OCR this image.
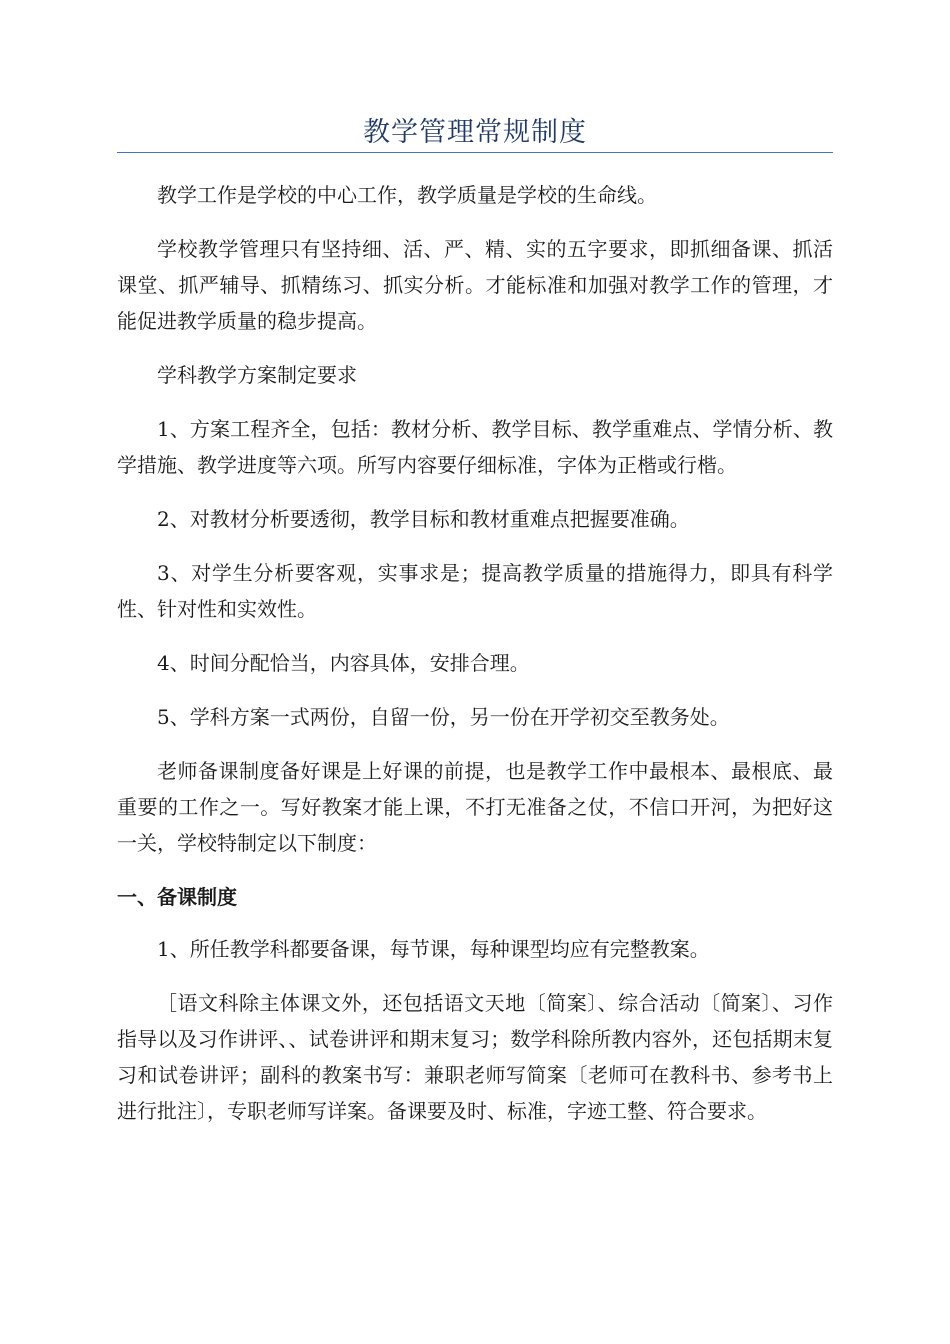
教学管理常规制度

教学工作是学校的中心工作，教学质量是学校的生命线。

学校教学管理只有坚持细、活、严、精、实的五字要求，即抓细备课、抓活课堂、抓严辅导、抓精练习、抓实分析。才能标准和加强对教学工作的管理，才能促进教学质量的稳步提高。

学科教学方案制定要求

1、方案工程齐全，包括：教材分析、教学目标、教学重难点、学情分析、教学措施、教学进度等六项。所写内容要仔细标准，字体为正楷或行楷。

2、对教材分析要透彻，教学目标和教材重难点把握要准确。

3、对学生分析要客观，实事求是；提高教学质量的措施得力，即具有科学性、针对性和实效性。

4、时间分配恰当，内容具体，安排合理。

5、学科方案一式两份，自留一份，另一份在开学初交至教务处。

老师备课制度备好课是上好课的前提，也是教学工作中最根本、最根底、最重要的工作之一。写好教案才能上课，不打无准备之仗，不信口开河，为把好这一关，学校特制定以下制度：

一、备课制度

1、所任教学科都要备课，每节课，每种课型均应有完整教案。

［语文科除主体课文外，还包括语文天地〔简案〕、综合活动〔简案〕、习作指导以及习作讲评、、试卷讲评和期末复习；数学科除所教内容外，还包括期末复习和试卷讲评；副科的教案书写：兼职老师写简案〔老师可在教科书、参考书上进行批注〕，专职老师写详案。备课要及时、标准，字迹工整、符合要求。
